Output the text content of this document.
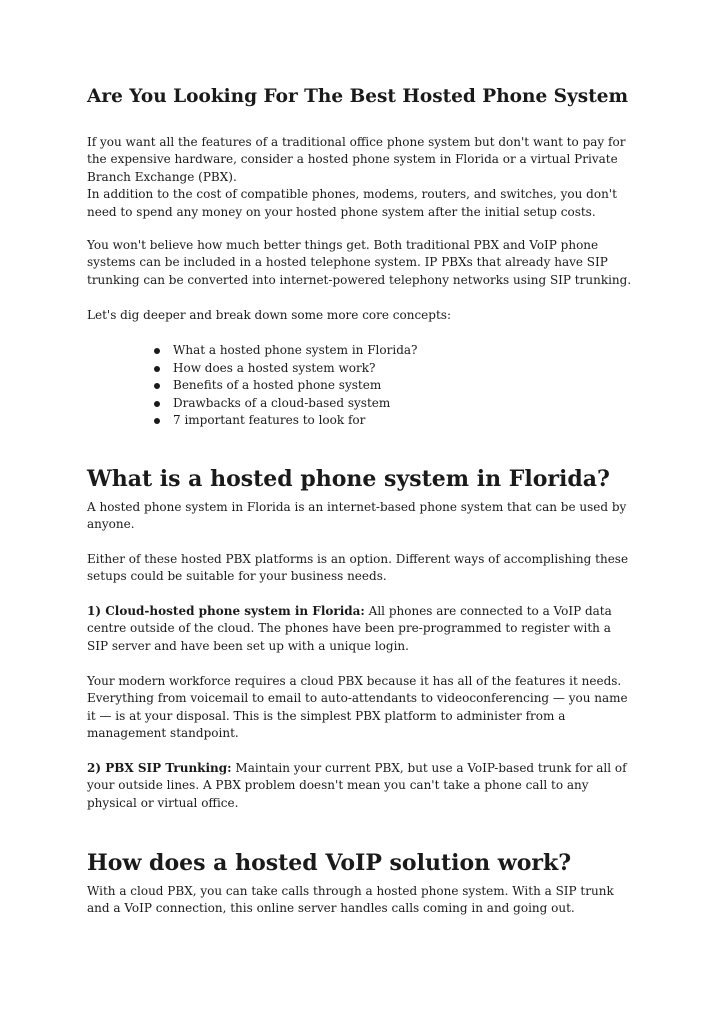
Are You Looking For The Best Hosted Phone System

If you want all the features of a traditional office phone system but don't want to pay for the expensive hardware, consider a hosted phone system in Florida or a virtual Private Branch Exchange (PBX).
In addition to the cost of compatible phones, modems, routers, and switches, you don't need to spend any money on your hosted phone system after the initial setup costs.

You won't believe how much better things get. Both traditional PBX and VoIP phone systems can be included in a hosted telephone system. IP PBXs that already have SIP trunking can be converted into internet-powered telephony networks using SIP trunking.

Let's dig deeper and break down some more core concepts:

What a hosted phone system in Florida?
How does a hosted system work?
Benefits of a hosted phone system
Drawbacks of a cloud-based system
7 important features to look for
What is a hosted phone system in Florida?

A hosted phone system in Florida is an internet-based phone system that can be used by anyone.

Either of these hosted PBX platforms is an option. Different ways of accomplishing these setups could be suitable for your business needs.

1) Cloud-hosted phone system in Florida: All phones are connected to a VoIP data centre outside of the cloud. The phones have been pre-programmed to register with a SIP server and have been set up with a unique login.

Your modern workforce requires a cloud PBX because it has all of the features it needs. Everything from voicemail to email to auto-attendants to videoconferencing — you name it — is at your disposal. This is the simplest PBX platform to administer from a management standpoint.

2) PBX SIP Trunking: Maintain your current PBX, but use a VoIP-based trunk for all of your outside lines. A PBX problem doesn't mean you can't take a phone call to any physical or virtual office.

How does a hosted VoIP solution work?

With a cloud PBX, you can take calls through a hosted phone system. With a SIP trunk and a VoIP connection, this online server handles calls coming in and going out.
